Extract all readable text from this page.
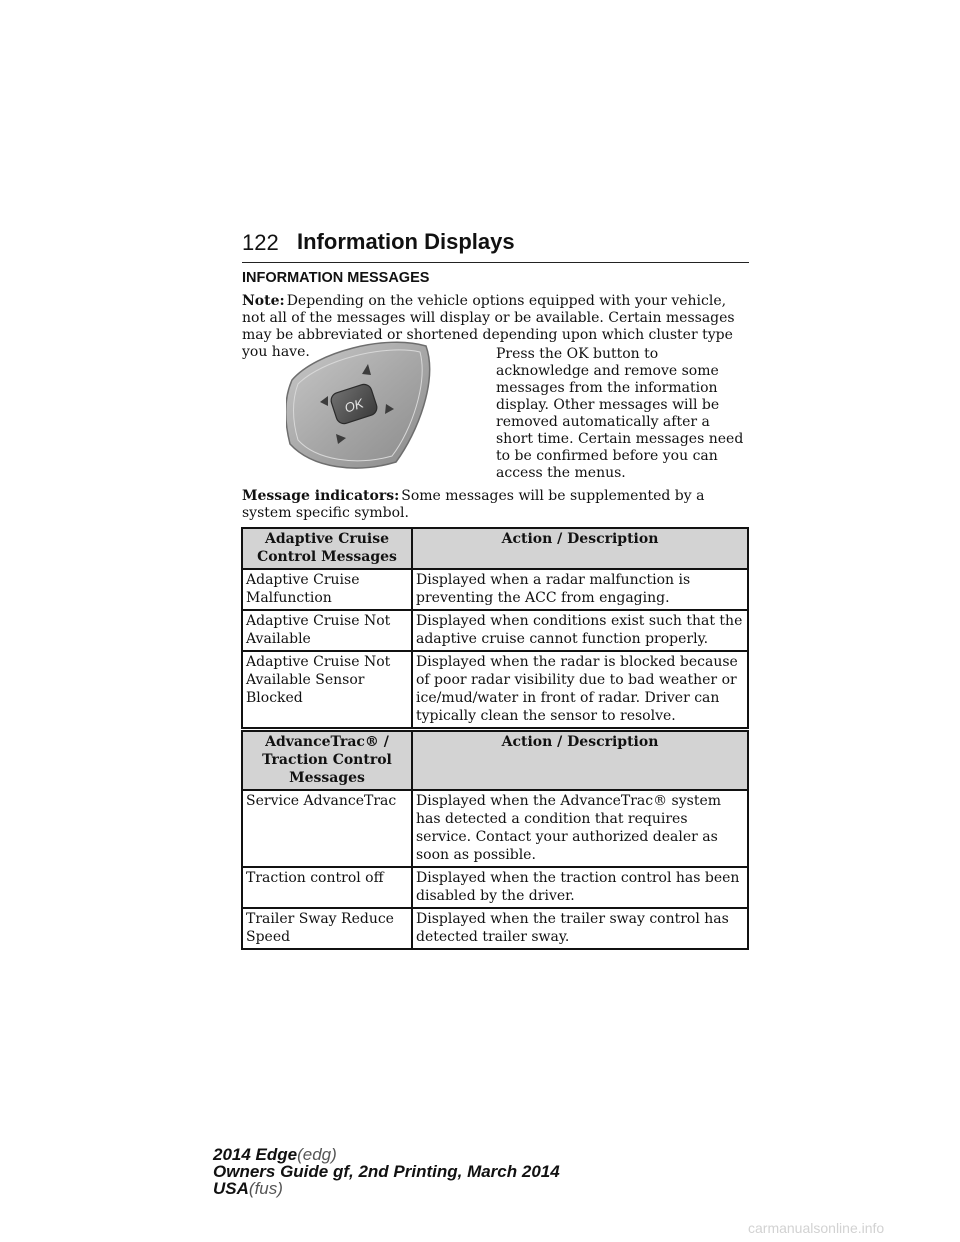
122 Information Displays
INFORMATION MESSAGES
Note: Depending on the vehicle options equipped with your vehicle, not all of the messages will display or be available. Certain messages may be abbreviated or shortened depending upon which cluster type you have.
OK
Press the OK button to acknowledge and remove some messages from the information display. Other messages will be removed automatically after a short time. Certain messages need to be confirmed before you can access the menus.
Message indicators: Some messages will be supplemented by a system specific symbol.
Adaptive Cruise Control Messages	Action / Description
Adaptive Cruise Malfunction	Displayed when a radar malfunction is preventing the ACC from engaging.
Adaptive Cruise Not Available	Displayed when conditions exist such that the adaptive cruise cannot function properly.
Adaptive Cruise Not Available Sensor Blocked	Displayed when the radar is blocked because of poor radar visibility due to bad weather or ice/mud/water in front of radar. Driver can typically clean the sensor to resolve.
AdvanceTrac® / Traction Control Messages	Action / Description
Service AdvanceTrac	Displayed when the AdvanceTrac® system has detected a condition that requires service. Contact your authorized dealer as soon as possible.
Traction control off	Displayed when the traction control has been disabled by the driver.
Trailer Sway Reduce Speed	Displayed when the trailer sway control has detected trailer sway.
2014 Edge(edg)
Owners Guide gf, 2nd Printing, March 2014
USA(fus)
carmanualsonline.info
